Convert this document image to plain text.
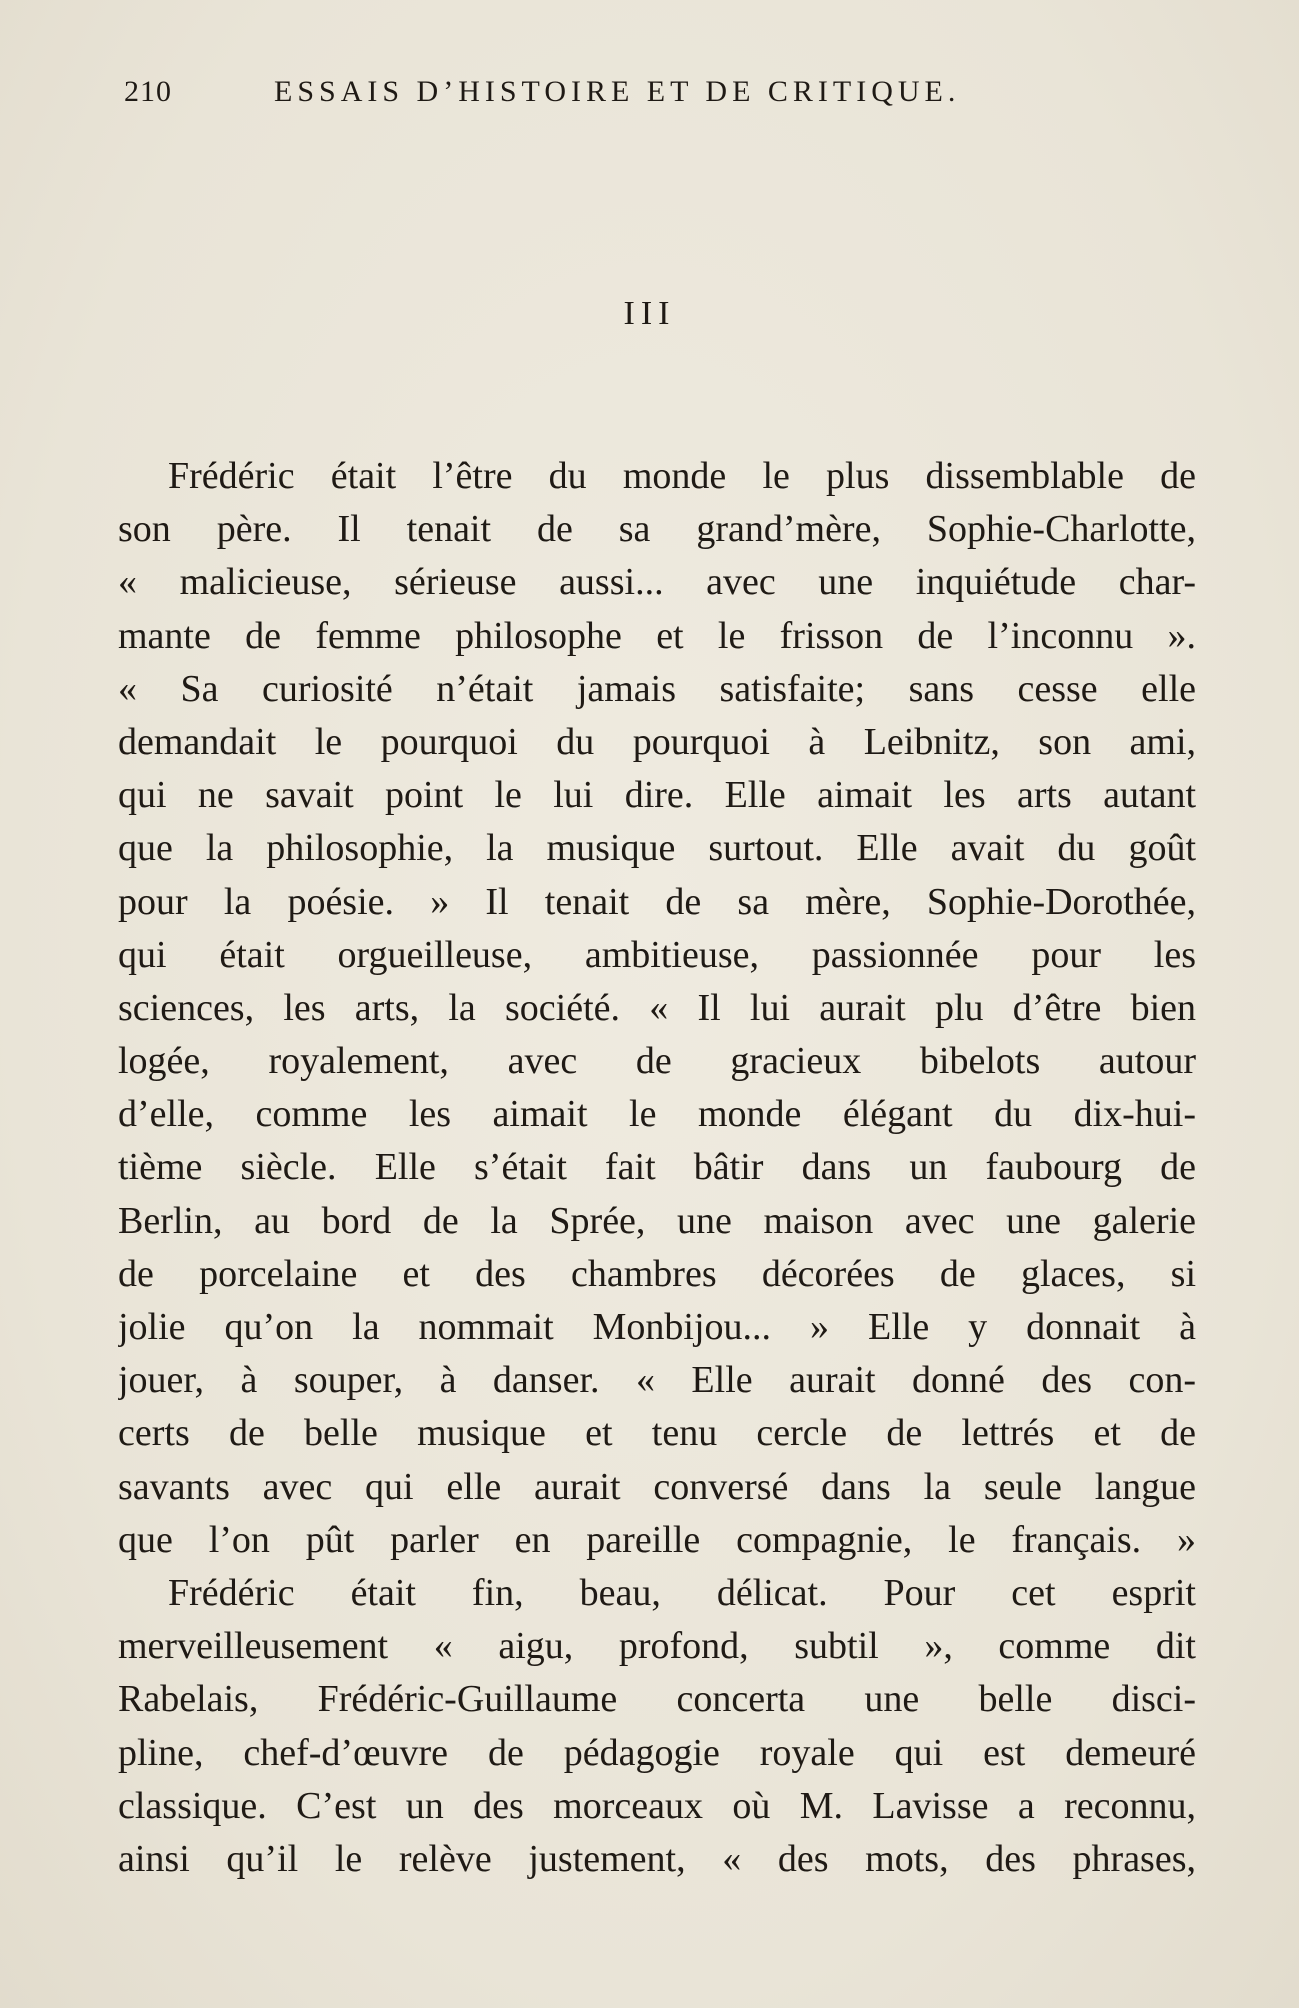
210	ESSAIS D’HISTOIRE ET DE CRITIQUE.
III
Frédéric était l’être du monde le plus dissemblable de
son père. Il tenait de sa grand’mère, Sophie-Charlotte,
« malicieuse, sérieuse aussi... avec une inquiétude char-
mante de femme philosophe et le frisson de l’inconnu ».
« Sa curiosité n’était jamais satisfaite; sans cesse elle
demandait le pourquoi du pourquoi à Leibnitz, son ami,
qui ne savait point le lui dire. Elle aimait les arts autant
que la philosophie, la musique surtout. Elle avait du goût
pour la poésie. » Il tenait de sa mère, Sophie-Dorothée,
qui était orgueilleuse, ambitieuse, passionnée pour les
sciences, les arts, la société. « Il lui aurait plu d’être bien
logée, royalement, avec de gracieux bibelots autour
d’elle, comme les aimait le monde élégant du dix-hui-
tième siècle. Elle s’était fait bâtir dans un faubourg de
Berlin, au bord de la Sprée, une maison avec une galerie
de porcelaine et des chambres décorées de glaces, si
jolie qu’on la nommait Monbijou... » Elle y donnait à
jouer, à souper, à danser. « Elle aurait donné des con-
certs de belle musique et tenu cercle de lettrés et de
savants avec qui elle aurait conversé dans la seule langue
que l’on pût parler en pareille compagnie, le français. »
Frédéric était fin, beau, délicat. Pour cet esprit
merveilleusement « aigu, profond, subtil », comme dit
Rabelais, Frédéric-Guillaume concerta une belle disci-
pline, chef-d’œuvre de pédagogie royale qui est demeuré
classique. C’est un des morceaux où M. Lavisse a reconnu,
ainsi qu’il le relève justement, « des mots, des phrases,
